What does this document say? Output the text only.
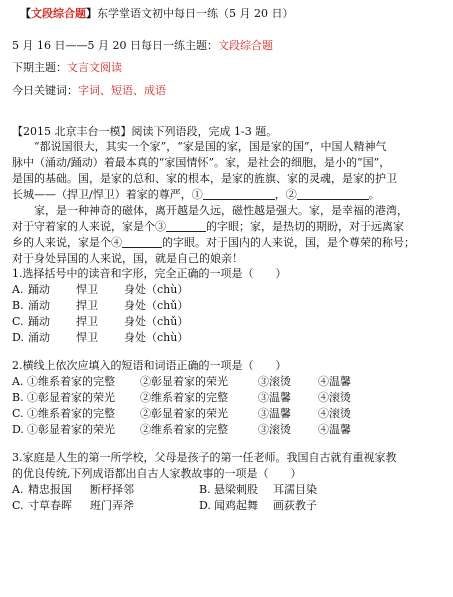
【文段综合题】东学堂语文初中每日一练（5 月 20 日）
5 月 16 日——5 月 20 日每日一练主题：文段综合题
下期主题：文言文阅读
今日关键词：字词、短语、成语
【2015 北京丰台一模】阅读下列语段，完成 1-3 题。
“都说国很大，其实一个家”，“家是国的家，国是家的国”，中国人精神气
脉中（涌动/踊动）着最本真的“家国情怀”。家，是社会的细胞，是小的“国”，
是国的基础。国，是家的总和、家的根本，是家的旌旗、家的灵魂，是家的护卫
长城——（捍卫/悍卫）着家的尊严，①	，②	。
家，是一种神奇的磁体，离开越是久远，磁性越是强大。家，是幸福的港湾，
对于守着家的人来说，家是个③	的字眼；家，是热切的期盼，对于远离家
乡的人来说，家是个④	的字眼。对于国内的人来说，国，是个尊荣的称号；
对于身处异国的人来说，国，就是自己的娘亲！
1.选择括号中的读音和字形，完全正确的一项是（　　）
A. 踊动 悍卫 身处（chù）
B. 涌动 捍卫 身处（chǔ）
C. 踊动 捍卫 身处（chǔ）
D. 涌动 悍卫 身处（chù）
2.横线上依次应填入的短语和词语正确的一项是（　　）
A. ①维系着家的完整 ②彰显着家的荣光	③滚烫 ④温馨
B. ①彰显着家的荣光 ②维系着家的完整	③温馨 ④滚烫
C. ①维系着家的完整 ②彰显着家的荣光	③温馨 ④滚烫
D. ①彰显着家的荣光 ②维系着家的完整	③滚烫 ④温馨
3.家庭是人生的第一所学校，父母是孩子的第一任老师。我国自古就有重视家教
的优良传统,下列成语都出自古人家教故事的一项是（　　）
A. 精忠报国 断杼择邻	B. 悬梁刺股 耳濡目染
C. 寸草春晖 班门弄斧	D. 闻鸡起舞 画荻教子
